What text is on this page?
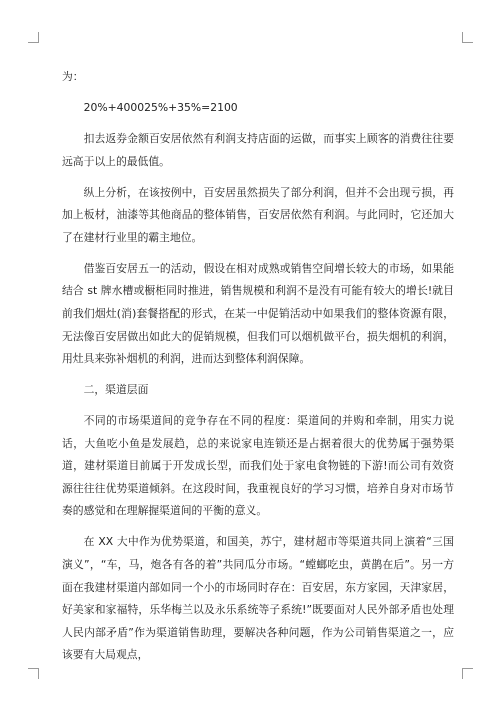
为：

20%+400025%+35%=2100

扣去返券金额百安居依然有利润支持店面的运做，而事实上顾客的消费往往要远高于以上的最低值。

纵上分析，在该按例中，百安居虽然损失了部分利润，但并不会出现亏损，再加上板材，油漆等其他商品的整体销售，百安居依然有利润。与此同时，它还加大了在建材行业里的霸主地位。

借鉴百安居五一的活动，假设在相对成熟或销售空间增长较大的市场，如果能结合 st 牌水槽或橱柜同时推进，销售规模和利润不是没有可能有较大的增长!就目前我们烟灶(消)套餐搭配的形式，在某一中促销活动中如果我们的整体资源有限，无法像百安居做出如此大的促销规模，但我们可以烟机做平台，损失烟机的利润，用灶具来弥补烟机的利润，进而达到整体利润保障。

二，渠道层面

不同的市场渠道间的竞争存在不同的程度：渠道间的并购和牵制，用实力说话，大鱼吃小鱼是发展趋，总的来说家电连锁还是占据着很大的优势属于强势渠道，建材渠道目前属于开发成长型，而我们处于家电食物链的下游!而公司有效资源往往往优势渠道倾斜。在这段时间，我重视良好的学习习惯，培养自身对市场节奏的感觉和在理解握渠道间的平衡的意义。

在 XX 大中作为优势渠道，和国美，苏宁，建材超市等渠道共同上演着“三国演义”，“车，马，炮各有各的着”共同瓜分市场。“螳螂吃虫，黄鹊在后”。另一方面在我建材渠道内部如同一个小的市场同时存在：百安居，东方家园，天津家居，好美家和家福特，乐华梅兰以及永乐系统等子系统!”既要面对人民外部矛盾也处理人民内部矛盾”作为渠道销售助理，要解决各种问题，作为公司销售渠道之一，应该要有大局观点，
